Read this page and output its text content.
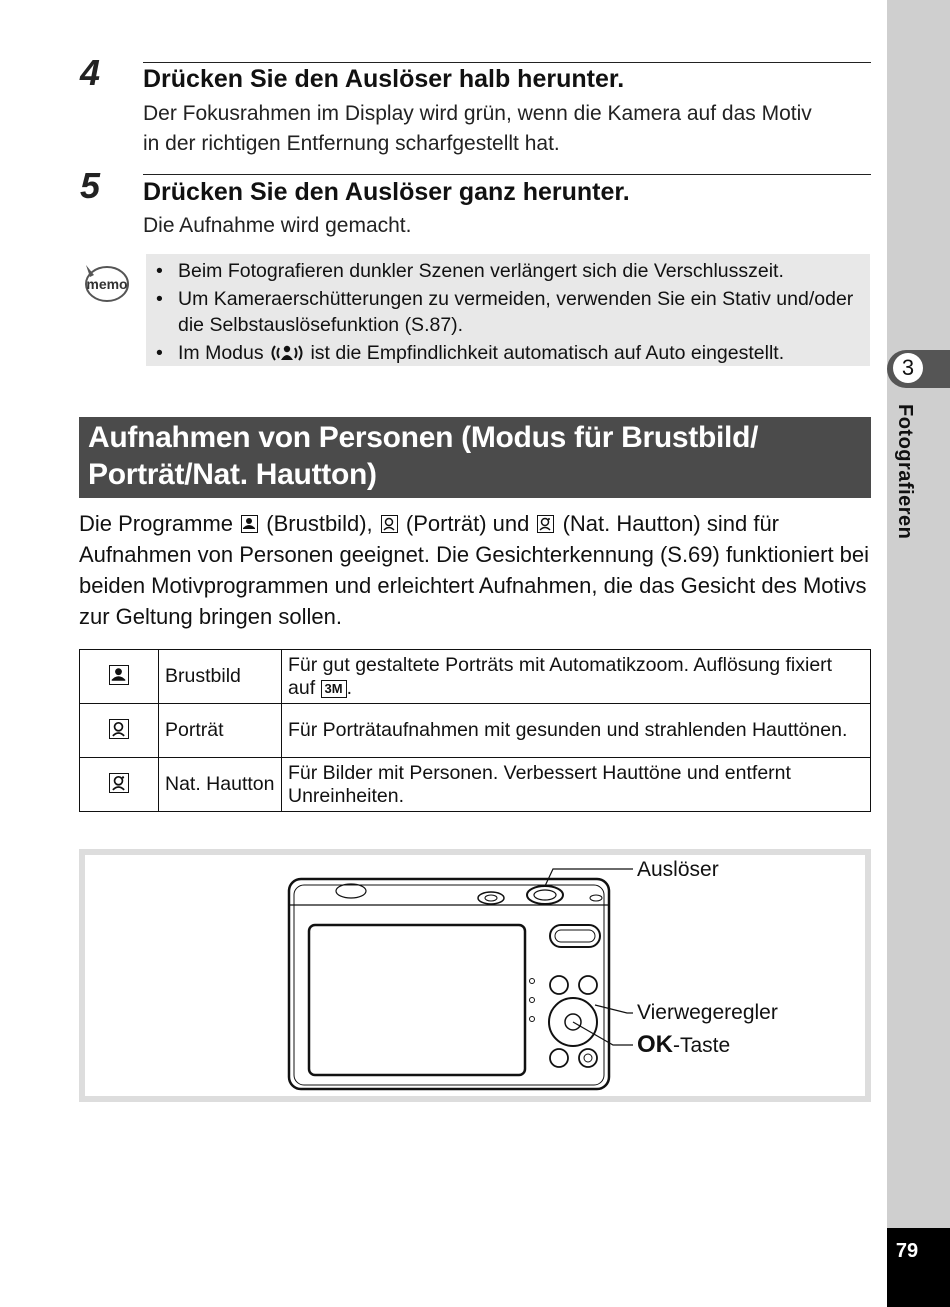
3
Fotografieren
79
4 Drücken Sie den Auslöser halb herunter.
Der Fokusrahmen im Display wird grün, wenn die Kamera auf das Motiv
in der richtigen Entfernung scharfgestellt hat.
5 Drücken Sie den Auslöser ganz herunter.
Die Aufnahme wird gemacht.
memo
• Beim Fotografieren dunkler Szenen verlängert sich die Verschlusszeit.
• Um Kameraerschütterungen zu vermeiden, verwenden Sie ein Stativ und/oder die Selbstauslösefunktion (S.87).
• Im Modus  ist die Empfindlichkeit automatisch auf Auto eingestellt.
Aufnahmen von Personen (Modus für Brustbild/
Porträt/Nat. Hautton)
Die Programme
(Brustbild),
(Porträt) und
(Nat. Hautton) sind für Aufnahmen von Personen geeignet. Die Gesichterkennung (S.69) funktioniert bei beiden Motivprogrammen und erleichtert Aufnahmen, die das Gesicht des Motivs zur Geltung bringen sollen.
	Brustbild	Für gut gestaltete Porträts mit Automatikzoom. Auflösung fixiert auf 3M .

	Porträt	Für Porträtaufnahmen mit gesunden und strahlenden Hauttönen.

	Nat. Hautton	Für Bilder mit Personen. Verbessert Hauttöne und entfernt Unreinheiten.
Auslöser
Vierwegeregler
OK-Taste
